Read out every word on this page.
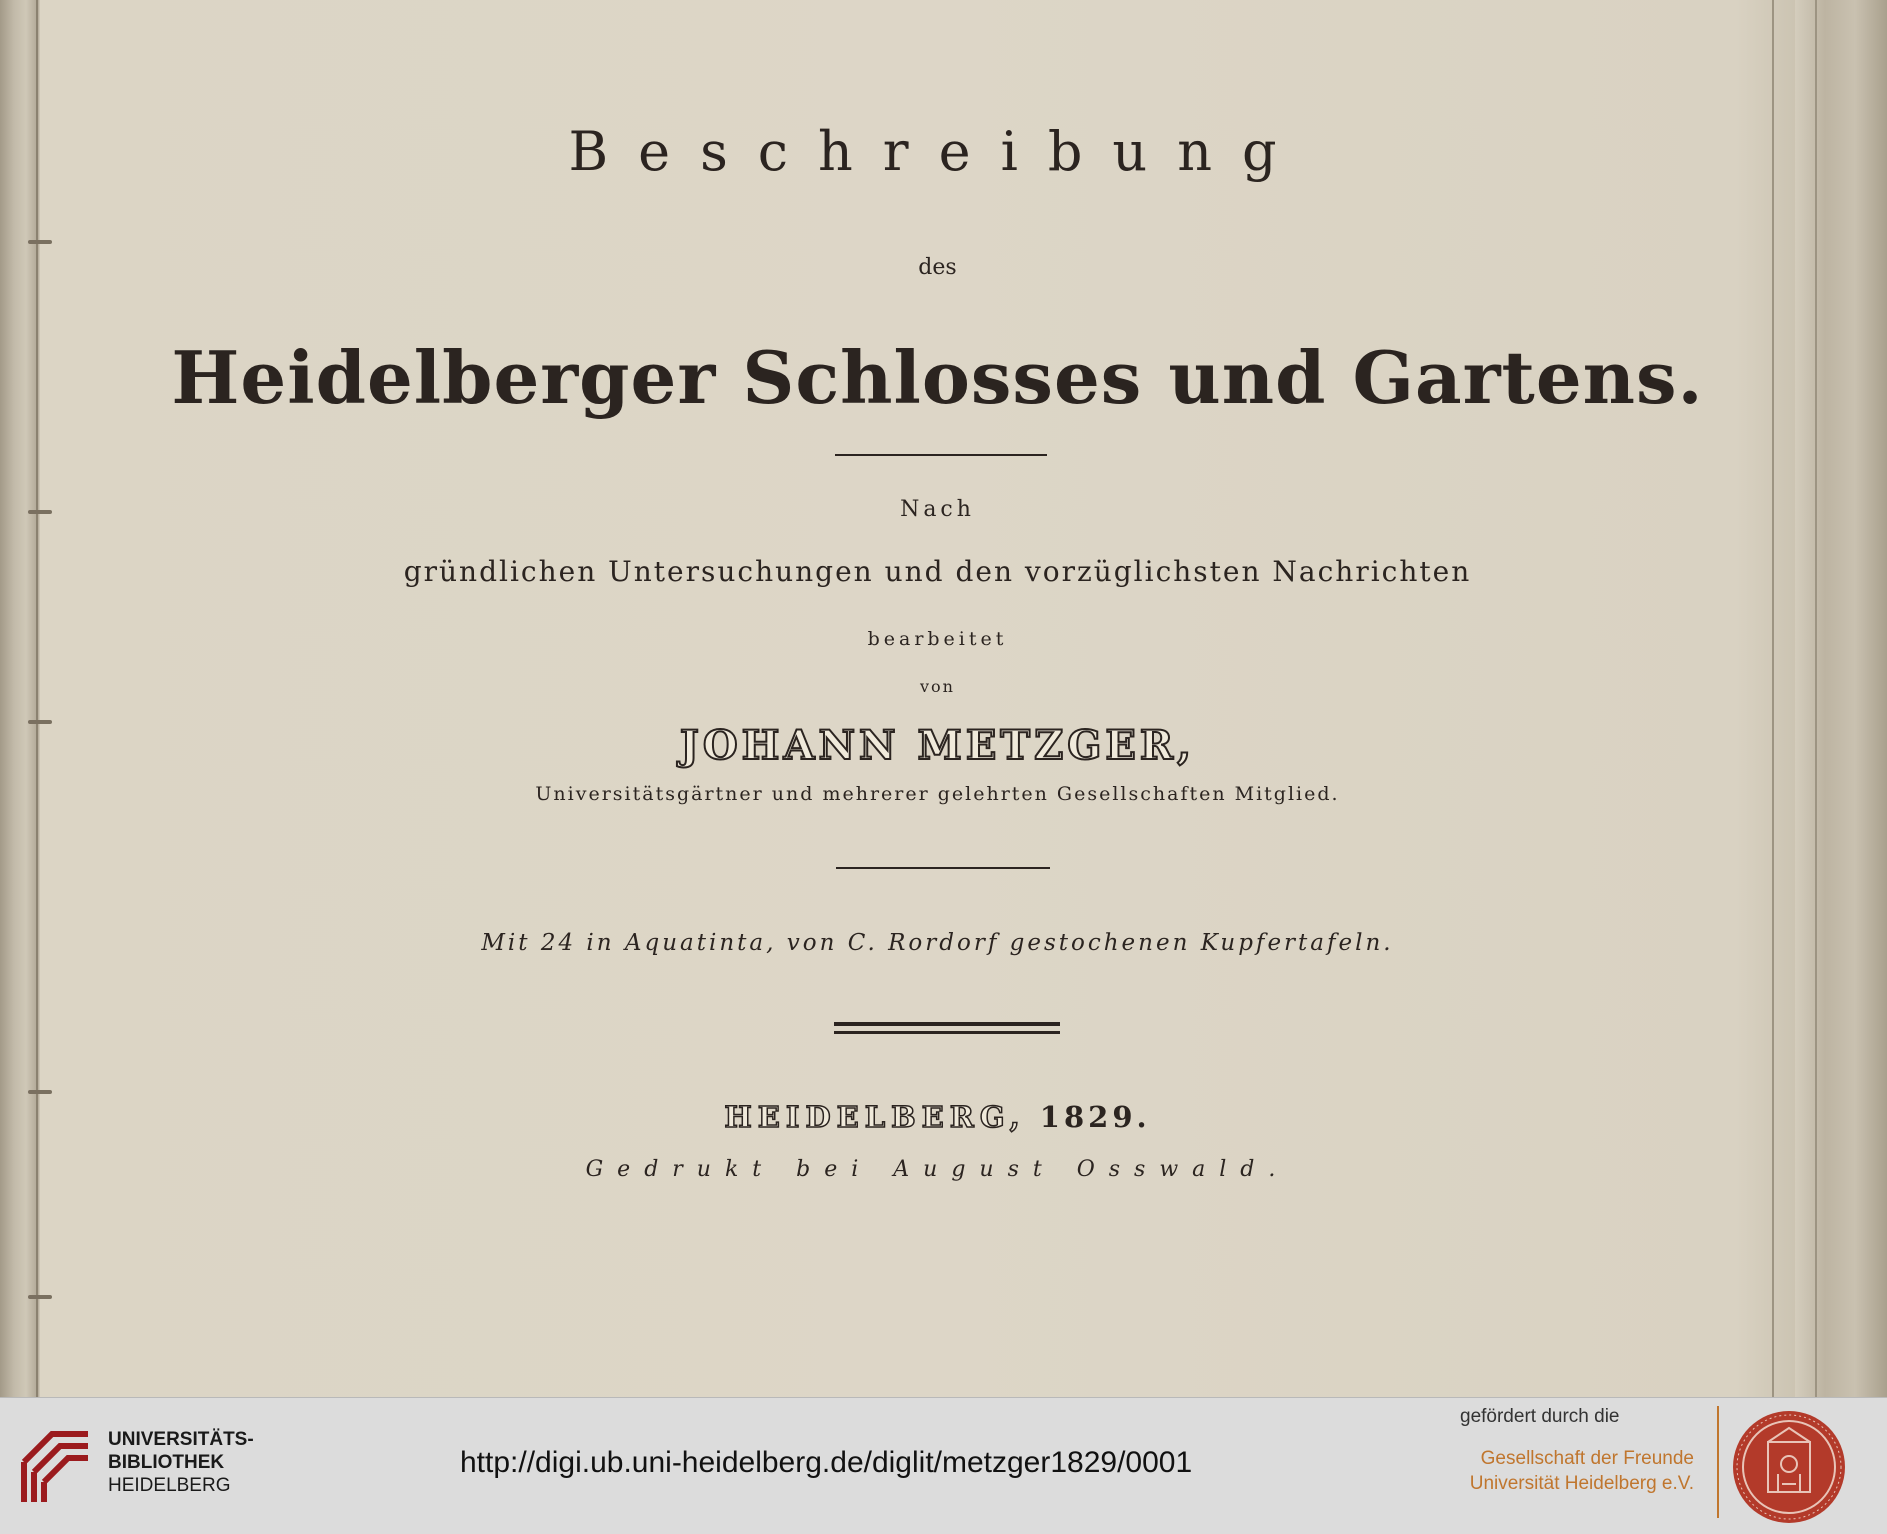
Beschreibung
des
Heidelberger Schlosses und Gartens.
Nach
gründlichen Untersuchungen und den vorzüglichsten Nachrichten
bearbeitet
von
JOHANN METZGER,
Universitätsgärtner und mehrerer gelehrten Gesellschaften Mitglied.
Mit 24 in Aquatinta, von C. Rordorf gestochenen Kupfertafeln.
HEIDELBERG, 1829.
Gedrukt bei August Osswald.
UNIVERSITÄTS-
BIBLIOTHEK
HEIDELBERG
http://digi.ub.uni-heidelberg.de/diglit/metzger1829/0001
gefördert durch die
Gesellschaft der Freunde
Universität Heidelberg e.V.
